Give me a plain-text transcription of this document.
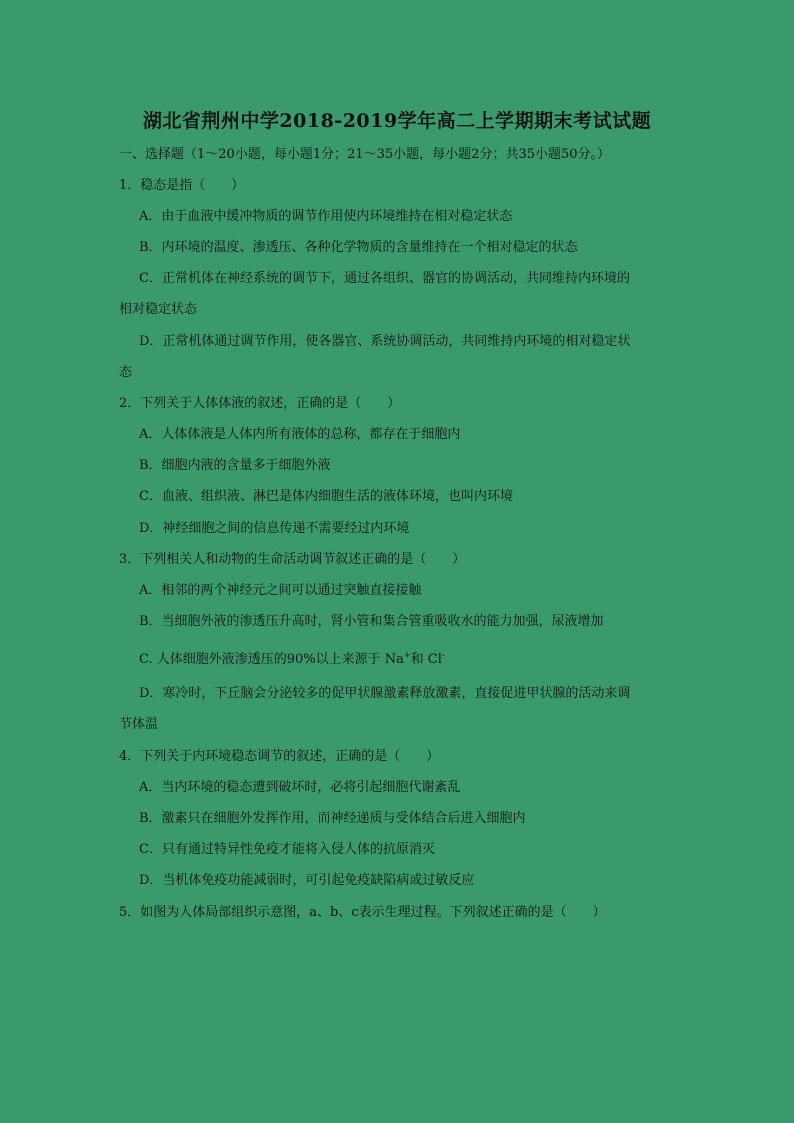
湖北省荆州中学2018-2019学年高二上学期期末考试试题
一、选择题（1～20小题，每小题1分；21～35小题，每小题2分；共35小题50分。）
1．稳态是指（　　）
A．由于血液中缓冲物质的调节作用使内环境维持在相对稳定状态
B．内环境的温度、渗透压、各种化学物质的含量维持在一个相对稳定的状态
C．正常机体在神经系统的调节下，通过各组织、器官的协调活动，共同维持内环境的
相对稳定状态
D．正常机体通过调节作用，使各器官、系统协调活动，共同维持内环境的相对稳定状
态
2．下列关于人体体液的叙述，正确的是（　　）
A．人体体液是人体内所有液体的总称，都存在于细胞内
B．细胞内液的含量多于细胞外液
C．血液、组织液、淋巴是体内细胞生活的液体环境，也叫内环境
D．神经细胞之间的信息传递不需要经过内环境
3．下列相关人和动物的生命活动调节叙述正确的是（　　）
A．相邻的两个神经元之间可以通过突触直接接触
B．当细胞外液的渗透压升高时，肾小管和集合管重吸收水的能力加强，尿液增加
C. 人体细胞外液渗透压的90%以上来源于 Na+和 Cl-
D．寒冷时，下丘脑会分泌较多的促甲状腺激素释放激素，直接促进甲状腺的活动来调
节体温
4．下列关于内环境稳态调节的叙述，正确的是（　　）
A．当内环境的稳态遭到破坏时，必将引起细胞代谢紊乱
B．激素只在细胞外发挥作用，而神经递质与受体结合后进入细胞内
C．只有通过特异性免疫才能将入侵人体的抗原消灭
D．当机体免疫功能减弱时，可引起免疫缺陷病或过敏反应
5．如图为人体局部组织示意图，a、b、c表示生理过程。下列叙述正确的是（　　）
